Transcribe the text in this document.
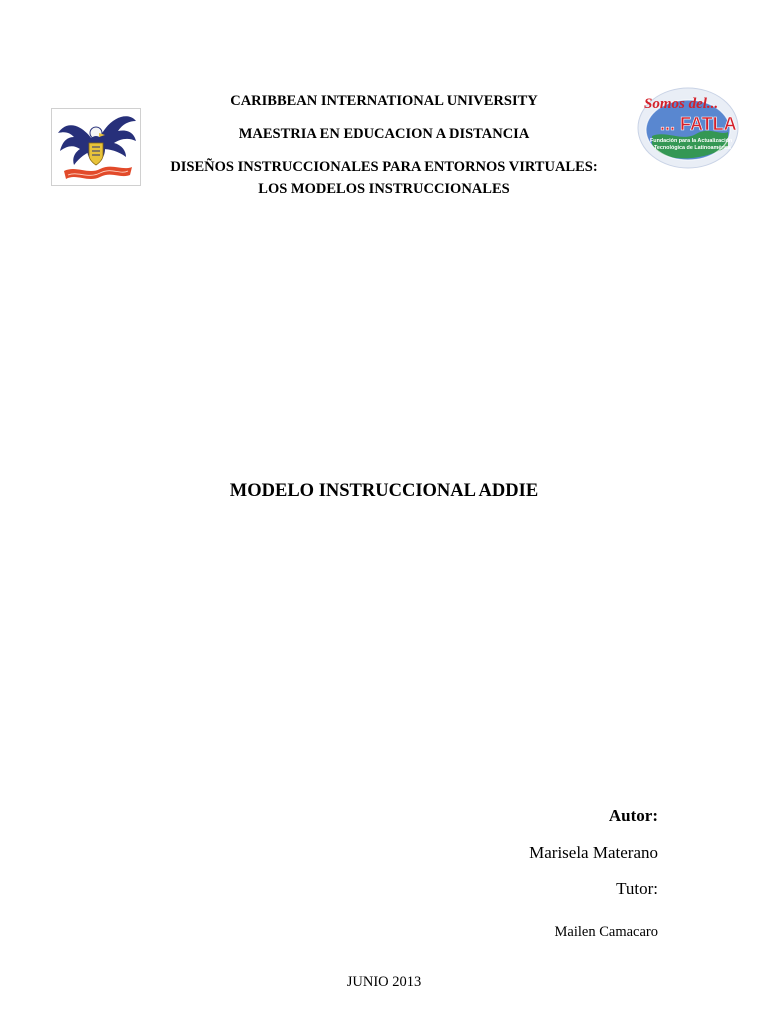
CARIBBEAN INTERNATIONAL UNIVERSITY
MAESTRIA EN EDUCACION A DISTANCIA
DISEÑOS INSTRUCCIONALES PARA ENTORNOS VIRTUALES:
LOS MODELOS INSTRUCCIONALES
Somos del...
... FATLA
Fundación para la Actualización
Tecnológica de Latinoamérica
MODELO INSTRUCCIONAL ADDIE
Autor:
Marisela Materano
Tutor:
Mailen Camacaro
JUNIO 2013
